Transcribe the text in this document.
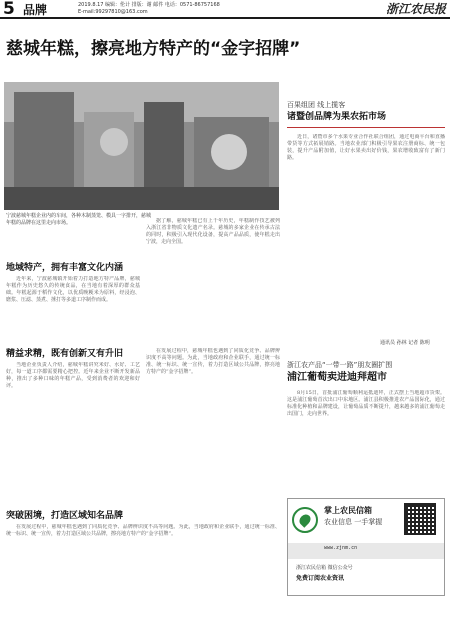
5 品牌	2019.8.17 编辑：伦计 排版：谢 邮件 电话：0571-86757168
E-mail:99297810@163.com	浙江农民报
慈城年糕，擦亮地方特产的“金字招牌”
宁波慈城年糕企业内的车间，各种木制蒸笼、模具一字排开，慈城年糕的品牌在这里走向市场。
地域特产，拥有丰富文化内涵

近年来，宁波慈城镇开始着力打造地方特产品牌，慈城年糕作为历史悠久的传统食品，在当地有着深厚的群众基础。年糕起源于稻作文化，以优质晚粳米为原料，经浸泡、磨浆、压滤、蒸煮、捶打等多道工序制作而成。

据了解，慈城年糕已有上千年历史，年糕制作技艺被列入浙江省非物质文化遗产名录。慈城的多家企业在传承古法的同时，积极引入现代化设备，提高产品品质，使年糕走出宁波，走向全国。

精益求精，既有创新又有升旧

当地企业负责人介绍，慈城年糕讲究米好、水好、工艺好，每一道工序都需要精心把控。近年来企业不断开发新品种，推出了多种口味的年糕产品，受到消费者的欢迎和好评。

在发展过程中，慈城年糕也遇到了同质化竞争、品牌辨识度不高等问题。为此，当地政府和企业联手，通过统一标准、统一标识、统一宣传，着力打造区域公共品牌，擦亮地方特产的“金字招牌”。

突破困境，打造区域知名品牌

在发展过程中，慈城年糕也遇到了同质化竞争、品牌辨识度不高等问题。为此，当地政府和企业联手，通过统一标准、统一标识、统一宣传，着力打造区域公共品牌，擦亮地方特产的“金字招牌”。

百果组团 线上揽客
诸暨创品牌为果农拓市场

近日，诸暨市多个水果专业合作社联合组团，通过电商平台和直播带货等方式拓展销路。当地农业部门积极引导果农注册商标、统一包装，提升产品附加值，让好水果卖出好价钱，果农增收致富有了新门路。

通讯员 孙林 记者 陈明
浙江农产品“一带一路”朋友圈扩围
浦江葡萄卖进迪拜超市

8月15日，首批浦江葡萄顺利运抵迪拜，正式摆上当地超市货架。这是浦江葡萄首次出口中东地区。浦江县积极推进农产品国际化，通过标准化种植和品牌建设，让葡萄品质不断提升，越来越多的浦江葡萄走出国门，走向世界。

掌上农民信箱
农业信息 一手掌握
www.zjnm.cn
浙江农民信箱 微信公众号
免费订阅农业资讯
